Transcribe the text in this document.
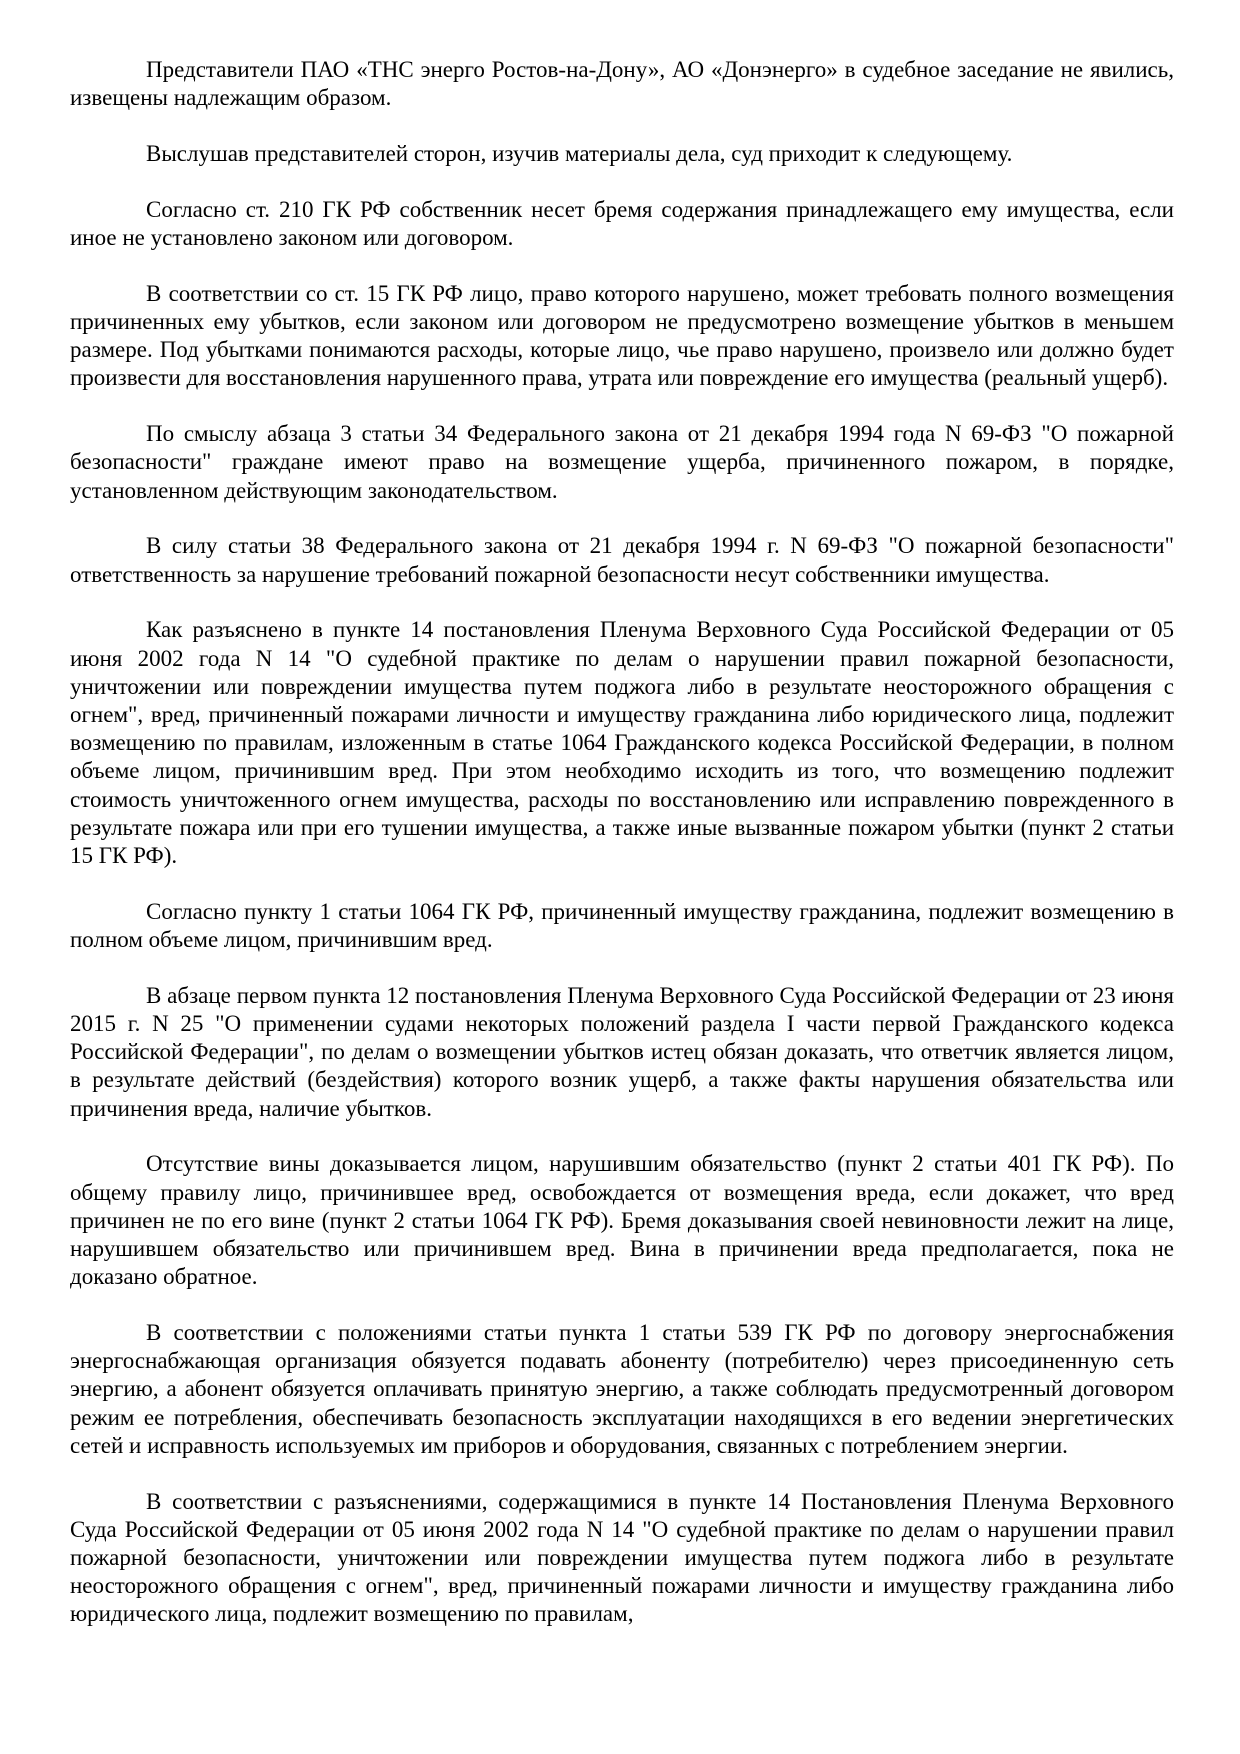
Представители ПАО «ТНС энерго Ростов-на-Дону», АО «Донэнерго» в судебное заседание не явились, извещены надлежащим образом.

Выслушав представителей сторон, изучив материалы дела, суд приходит к следующему.

Согласно ст. 210 ГК РФ собственник несет бремя содержания принадлежащего ему имущества, если иное не установлено законом или договором.

В соответствии со ст. 15 ГК РФ лицо, право которого нарушено, может требовать полного возмещения причиненных ему убытков, если законом или договором не предусмотрено возмещение убытков в меньшем размере. Под убытками понимаются расходы, которые лицо, чье право нарушено, произвело или должно будет произвести для восстановления нарушенного права, утрата или повреждение его имущества (реальный ущерб).

По смыслу абзаца 3 статьи 34 Федерального закона от 21 декабря 1994 года N 69-ФЗ "О пожарной безопасности" граждане имеют право на возмещение ущерба, причиненного пожаром, в порядке, установленном действующим законодательством.

В силу статьи 38 Федерального закона от 21 декабря 1994 г. N 69-ФЗ "О пожарной безопасности" ответственность за нарушение требований пожарной безопасности несут собственники имущества.

Как разъяснено в пункте 14 постановления Пленума Верховного Суда Российской Федерации от 05 июня 2002 года N 14 "О судебной практике по делам о нарушении правил пожарной безопасности, уничтожении или повреждении имущества путем поджога либо в результате неосторожного обращения с огнем", вред, причиненный пожарами личности и имуществу гражданина либо юридического лица, подлежит возмещению по правилам, изложенным в статье 1064 Гражданского кодекса Российской Федерации, в полном объеме лицом, причинившим вред. При этом необходимо исходить из того, что возмещению подлежит стоимость уничтоженного огнем имущества, расходы по восстановлению или исправлению поврежденного в результате пожара или при его тушении имущества, а также иные вызванные пожаром убытки (пункт 2 статьи 15 ГК РФ).

Согласно пункту 1 статьи 1064 ГК РФ, причиненный имуществу гражданина, подлежит возмещению в полном объеме лицом, причинившим вред.

В абзаце первом пункта 12 постановления Пленума Верховного Суда Российской Федерации от 23 июня 2015 г. N 25 "О применении судами некоторых положений раздела I части первой Гражданского кодекса Российской Федерации", по делам о возмещении убытков истец обязан доказать, что ответчик является лицом, в результате действий (бездействия) которого возник ущерб, а также факты нарушения обязательства или причинения вреда, наличие убытков.

Отсутствие вины доказывается лицом, нарушившим обязательство (пункт 2 статьи 401 ГК РФ). По общему правилу лицо, причинившее вред, освобождается от возмещения вреда, если докажет, что вред причинен не по его вине (пункт 2 статьи 1064 ГК РФ). Бремя доказывания своей невиновности лежит на лице, нарушившем обязательство или причинившем вред. Вина в причинении вреда предполагается, пока не доказано обратное.

В соответствии с положениями статьи пункта 1 статьи 539 ГК РФ по договору энергоснабжения энергоснабжающая организация обязуется подавать абоненту (потребителю) через присоединенную сеть энергию, а абонент обязуется оплачивать принятую энергию, а также соблюдать предусмотренный договором режим ее потребления, обеспечивать безопасность эксплуатации находящихся в его ведении энергетических сетей и исправность используемых им приборов и оборудования, связанных с потреблением энергии.

В соответствии с разъяснениями, содержащимися в пункте 14 Постановления Пленума Верховного Суда Российской Федерации от 05 июня 2002 года N 14 "О судебной практике по делам о нарушении правил пожарной безопасности, уничтожении или повреждении имущества путем поджога либо в результате неосторожного обращения с огнем", вред, причиненный пожарами личности и имуществу гражданина либо юридического лица, подлежит возмещению по правилам,
